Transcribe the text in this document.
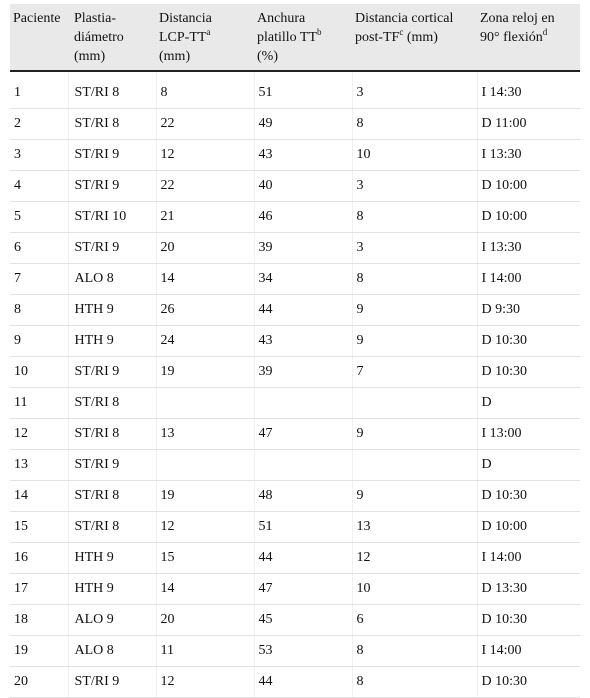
Paciente	Plastia-
diámetro
(mm)	Distancia
LCP-$TT^a$
(mm)	Anchura
platillo $TT^b$
(%)	Distancia cortical
post-$TF^c$ (mm)	Zona reloj en
90° flexión$^d$
1	ST/RI 8	8	51	3	I 14:30
2	ST/RI 8	22	49	8	D 11:00
3	ST/RI 9	12	43	10	I 13:30
4	ST/RI 9	22	40	3	D 10:00
5	ST/RI 10	21	46	8	D 10:00
6	ST/RI 9	20	39	3	I 13:30
7	ALO 8	14	34	8	I 14:00
8	HTH 9	26	44	9	D 9:30
9	HTH 9	24	43	9	D 10:30
10	ST/RI 9	19	39	7	D 10:30
11	ST/RI 8				D
12	ST/RI 8	13	47	9	I 13:00
13	ST/RI 9				D
14	ST/RI 8	19	48	9	D 10:30
15	ST/RI 8	12	51	13	D 10:00
16	HTH 9	15	44	12	I 14:00
17	HTH 9	14	47	10	D 13:30
18	ALO 9	20	45	6	D 10:30
19	ALO 8	11	53	8	I 14:00
20	ST/RI 9	12	44	8	D 10:30
